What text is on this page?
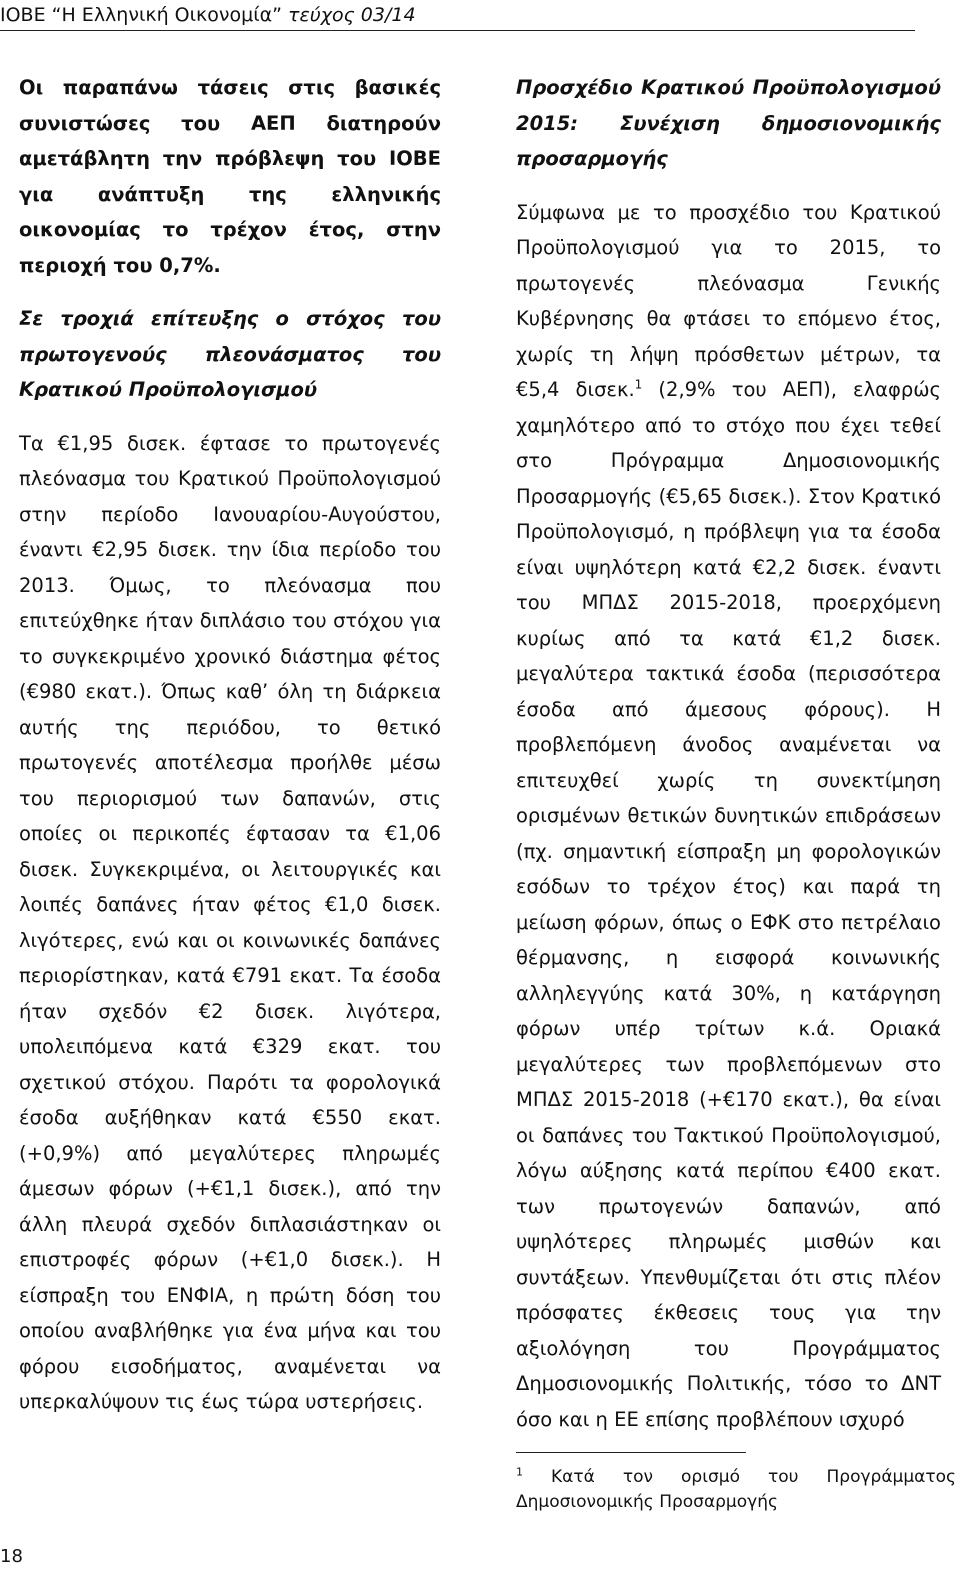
ΙΟΒΕ “Η Ελληνική Οικονομία” τεύχος 03/14

Οι παραπάνω τάσεις στις βασικές συνιστώσες του ΑΕΠ διατηρούν αμετάβλητη την πρόβλεψη του ΙΟΒΕ για ανάπτυξη της ελληνικής οικονομίας το τρέχον έτος, στην περιοχή του 0,7%.

Σε τροχιά επίτευξης ο στόχος του πρωτογενούς πλεονάσματος του Κρατικού Προϋπολογισμού

Τα €1,95 δισεκ. έφτασε το πρωτογενές πλεόνασμα του Κρατικού Προϋπολογισμού στην περίοδο Ιανουαρίου-Αυγούστου, έναντι €2,95 δισεκ. την ίδια περίοδο του 2013. Όμως, το πλεόνασμα που επιτεύχθηκε ήταν διπλάσιο του στόχου για το συγκεκριμένο χρονικό διάστημα φέτος (€980 εκατ.). Όπως καθ’ όλη τη διάρκεια αυτής της περιόδου, το θετικό πρωτογενές αποτέλεσμα προήλθε μέσω του περιορισμού των δαπανών, στις οποίες οι περικοπές έφτασαν τα €1,06 δισεκ. Συγκεκριμένα, οι λειτουργικές και λοιπές δαπάνες ήταν φέτος €1,0 δισεκ. λιγότερες, ενώ και οι κοινωνικές δαπάνες περιορίστηκαν, κατά €791 εκατ. Τα έσοδα ήταν σχεδόν €2 δισεκ. λιγότερα, υπολειπόμενα κατά €329 εκατ. του σχετικού στόχου. Παρότι τα φορολογικά έσοδα αυξήθηκαν κατά €550 εκατ. (+0,9%) από μεγαλύτερες πληρωμές άμεσων φόρων (+€1,1 δισεκ.), από την άλλη πλευρά σχεδόν διπλασιάστηκαν οι επιστροφές φόρων (+€1,0 δισεκ.). Η είσπραξη του ΕΝΦΙΑ, η πρώτη δόση του οποίου αναβλήθηκε για ένα μήνα και του φόρου εισοδήματος, αναμένεται να υπερκαλύψουν τις έως τώρα υστερήσεις.

Προσχέδιο Κρατικού Προϋπολογισμού 2015: Συνέχιση δημοσιονομικής προσαρμογής

Σύμφωνα με το προσχέδιο του Κρατικού Προϋπολογισμού για το 2015, το πρωτογενές πλεόνασμα Γενικής Κυβέρνησης θα φτάσει το επόμενο έτος, χωρίς τη λήψη πρόσθετων μέτρων, τα €5,4 δισεκ.$^1$ (2,9% του ΑΕΠ), ελαφρώς χαμηλότερο από το στόχο που έχει τεθεί στο Πρόγραμμα Δημοσιονομικής Προσαρμογής (€5,65 δισεκ.). Στον Κρατικό Προϋπολογισμό, η πρόβλεψη για τα έσοδα είναι υψηλότερη κατά €2,2 δισεκ. έναντι του ΜΠΔΣ 2015-2018, προερχόμενη κυρίως από τα κατά €1,2 δισεκ. μεγαλύτερα τακτικά έσοδα (περισσότερα έσοδα από άμεσους φόρους). Η προβλεπόμενη άνοδος αναμένεται να επιτευχθεί χωρίς τη συνεκτίμηση ορισμένων θετικών δυνητικών επιδράσεων (πχ. σημαντική είσπραξη μη φορολογικών εσόδων το τρέχον έτος) και παρά τη μείωση φόρων, όπως ο ΕΦΚ στο πετρέλαιο θέρμανσης, η εισφορά κοινωνικής αλληλεγγύης κατά 30%, η κατάργηση φόρων υπέρ τρίτων κ.ά. Οριακά μεγαλύτερες των προβλεπόμενων στο ΜΠΔΣ 2015-2018 (+€170 εκατ.), θα είναι οι δαπάνες του Τακτικού Προϋπολογισμού, λόγω αύξησης κατά περίπου €400 εκατ. των πρωτογενών δαπανών, από υψηλότερες πληρωμές μισθών και συντάξεων. Υπενθυμίζεται ότι στις πλέον πρόσφατες έκθεσεις τους για την αξιολόγηση του Προγράμματος Δημοσιονομικής Πολιτικής, τόσο το ΔΝΤ όσο και η ΕΕ επίσης προβλέπουν ισχυρό

$^1$ Κατά τον ορισμό του Προγράμματος Δημοσιονομικής Προσαρμογής
18
